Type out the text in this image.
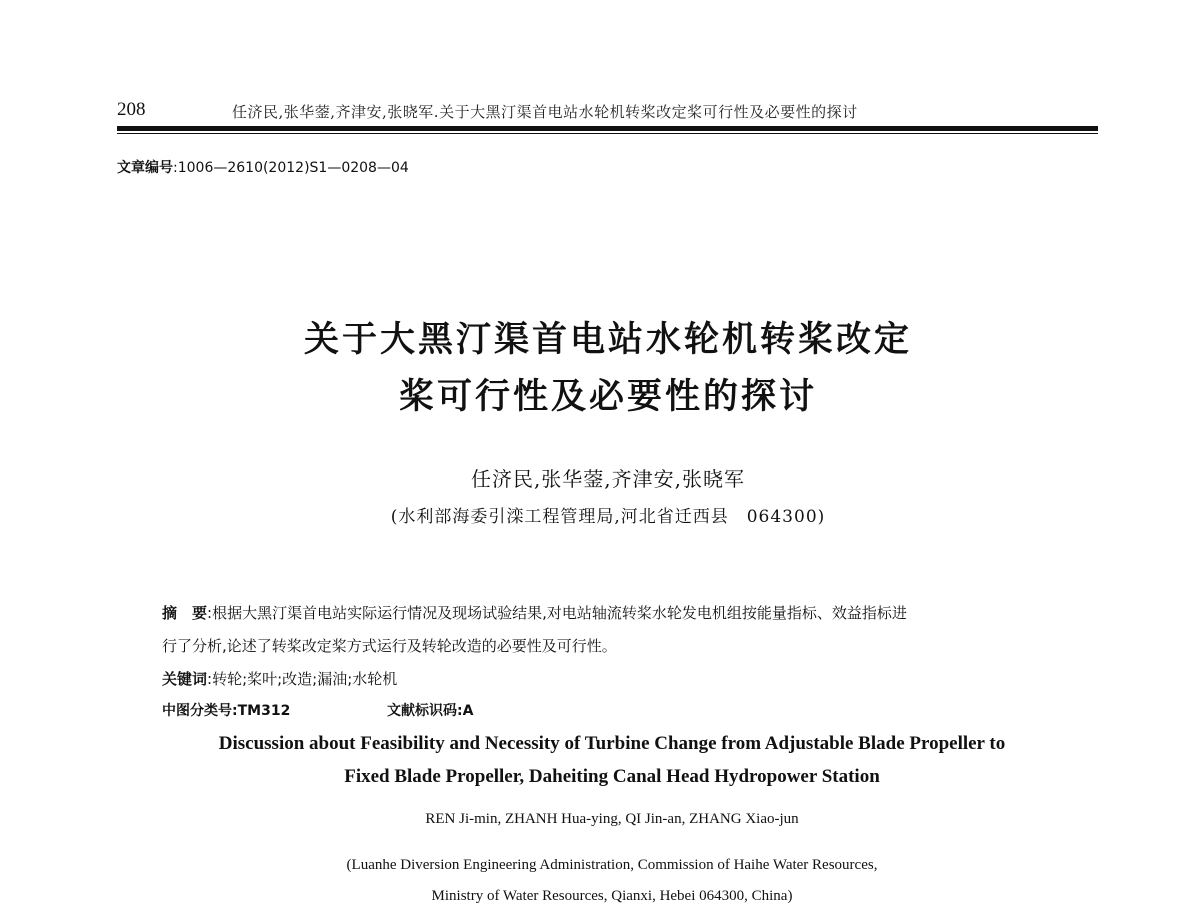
208	任济民,张华蓥,齐津安,张晓军.关于大黑汀渠首电站水轮机转桨改定桨可行性及必要性的探讨
文章编号:1006—2610(2012)S1—0208—04
关于大黑汀渠首电站水轮机转桨改定
桨可行性及必要性的探讨
任济民,张华蓥,齐津安,张晓军
(水利部海委引滦工程管理局,河北省迁西县　064300)
摘　要:根据大黑汀渠首电站实际运行情况及现场试验结果,对电站轴流转桨水轮发电机组按能量指标、效益指标进
行了分析,论述了转桨改定桨方式运行及转轮改造的必要性及可行性。
关键词:转轮;桨叶;改造;漏油;水轮机
中图分类号:TM312	文献标识码:A
Discussion about Feasibility and Necessity of Turbine Change from Adjustable Blade Propeller to
Fixed Blade Propeller, Daheiting Canal Head Hydropower Station
REN Ji-min, ZHANH Hua-ying, QI Jin-an, ZHANG Xiao-jun
(Luanhe Diversion Engineering Administration, Commission of Haihe Water Resources,
Ministry of Water Resources, Qianxi, Hebei 064300, China)
